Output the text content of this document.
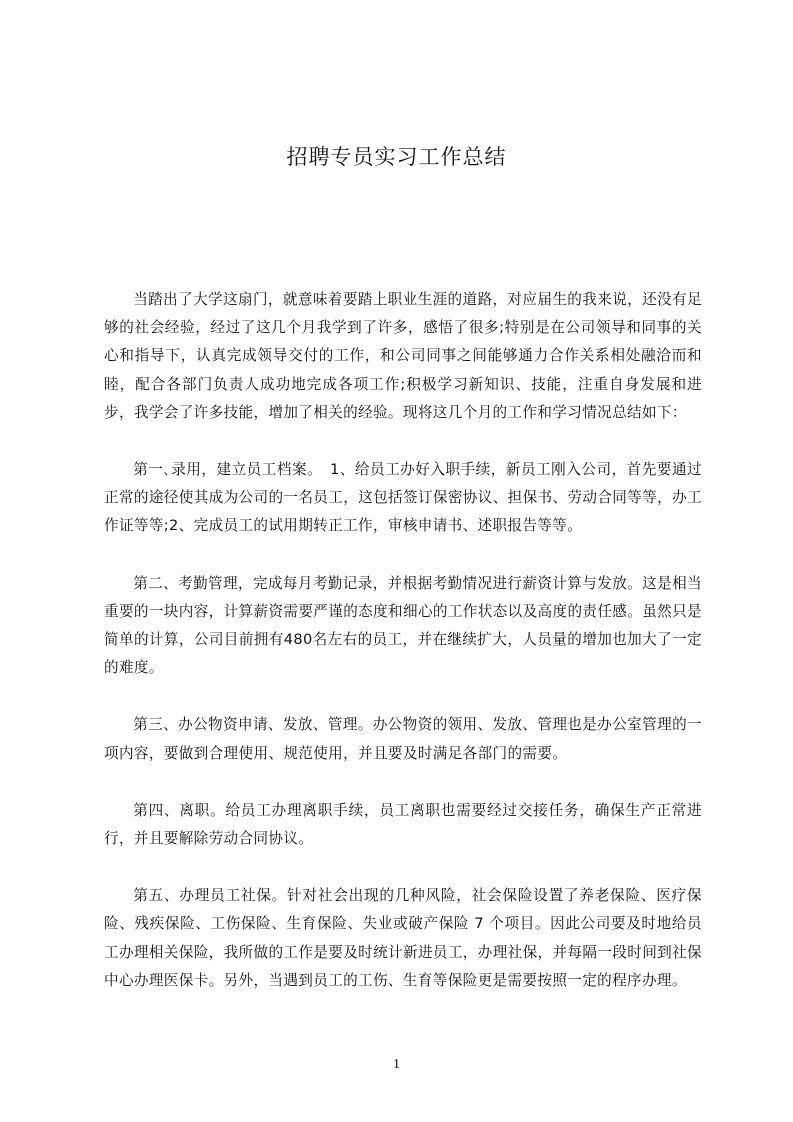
招聘专员实习工作总结

当踏出了大学这扇门，就意味着要踏上职业生涯的道路，对应届生的我来说，还没有足够的社会经验，经过了这几个月我学到了许多，感悟了很多;特别是在公司领导和同事的关心和指导下，认真完成领导交付的工作，和公司同事之间能够通力合作关系相处融洽而和睦，配合各部门负责人成功地完成各项工作;积极学习新知识、技能，注重自身发展和进步，我学会了许多技能，增加了相关的经验。现将这几个月的工作和学习情况总结如下：

第一､录用，建立员工档案。　1、给员工办好入职手续，新员工刚入公司，首先要通过正常的途径使其成为公司的一名员工，这包括签订保密协议、担保书、劳动合同等等，办工作证等等;2、完成员工的试用期转正工作，审核申请书、述职报告等等。

第二、考勤管理，完成每月考勤记录，并根据考勤情况进行薪资计算与发放。这是相当重要的一块内容，计算薪资需要严谨的态度和细心的工作状态以及高度的责任感。虽然只是简单的计算，公司目前拥有480名左右的员工，并在继续扩大，人员量的增加也加大了一定的难度。

第三、办公物资申请、发放、管理。办公物资的领用、发放、管理也是办公室管理的一项内容，要做到合理使用、规范使用，并且要及时满足各部门的需要。

第四、离职。给员工办理离职手续，员工离职也需要经过交接任务，确保生产正常进行，并且要解除劳动合同协议。

第五、办理员工社保。针对社会出现的几种风险，社会保险设置了养老保险、医疗保险、残疾保险、工伤保险、生育保险、失业或破产保险 7 个项目。因此公司要及时地给员工办理相关保险，我所做的工作是要及时统计新进员工，办理社保，并每隔一段时间到社保中心办理医保卡。另外，当遇到员工的工伤、生育等保险更是需要按照一定的程序办理。

1
